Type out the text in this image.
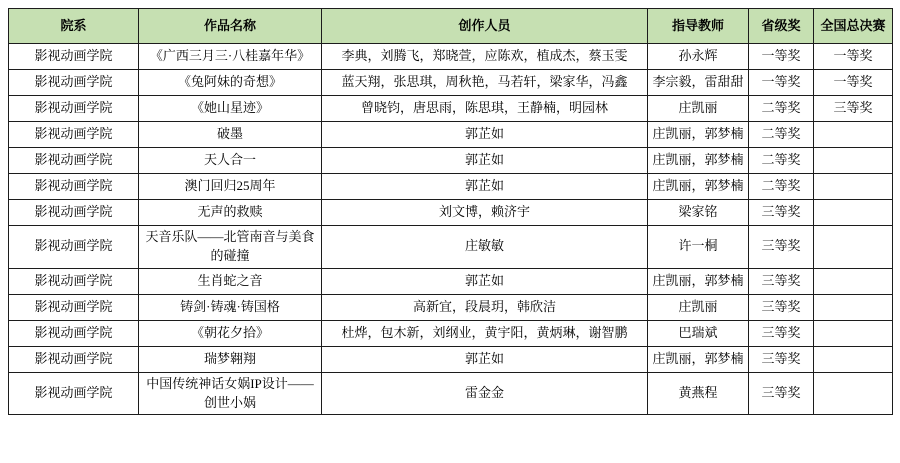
院系	作品名称	创作人员	指导教师	省级奖	全国总决赛
影视动画学院	《广西三月三·八桂嘉年华》	李典，刘腾飞，郑晓萱，应陈欢，植成杰，蔡玉雯	孙永辉	一等奖	一等奖
影视动画学院	《兔阿妹的奇想》	蓝天翔，张思琪，周秋艳，马若轩，梁家华，冯鑫	李宗毅，雷甜甜	一等奖	一等奖
影视动画学院	《她山星迹》	曾晓钧，唐思雨，陈思琪，王静楠，明园林	庄凯丽	二等奖	三等奖
影视动画学院	破墨	郭芷如	庄凯丽，郭梦楠	二等奖	
影视动画学院	天人合一	郭芷如	庄凯丽，郭梦楠	二等奖	
影视动画学院	澳门回归25周年	郭芷如	庄凯丽，郭梦楠	二等奖	
影视动画学院	无声的救赎	刘文博，赖济宇	梁家铭	三等奖	
影视动画学院	天音乐队——北管南音与美食的碰撞	庄敏敏	许一桐	三等奖	
影视动画学院	生肖蛇之音	郭芷如	庄凯丽，郭梦楠	三等奖	
影视动画学院	铸剑·铸魂·铸国格	高新宜，段晨玥，韩欣洁	庄凯丽	三等奖	
影视动画学院	《朝花夕拾》	杜烨，包木新，刘纲业，黄宇阳，黄炳琳，谢智鹏	巴瑞斌	三等奖	
影视动画学院	瑞梦翱翔	郭芷如	庄凯丽，郭梦楠	三等奖	
影视动画学院	中国传统神话女娲IP设计——创世小娲	雷金金	黄燕程	三等奖	
